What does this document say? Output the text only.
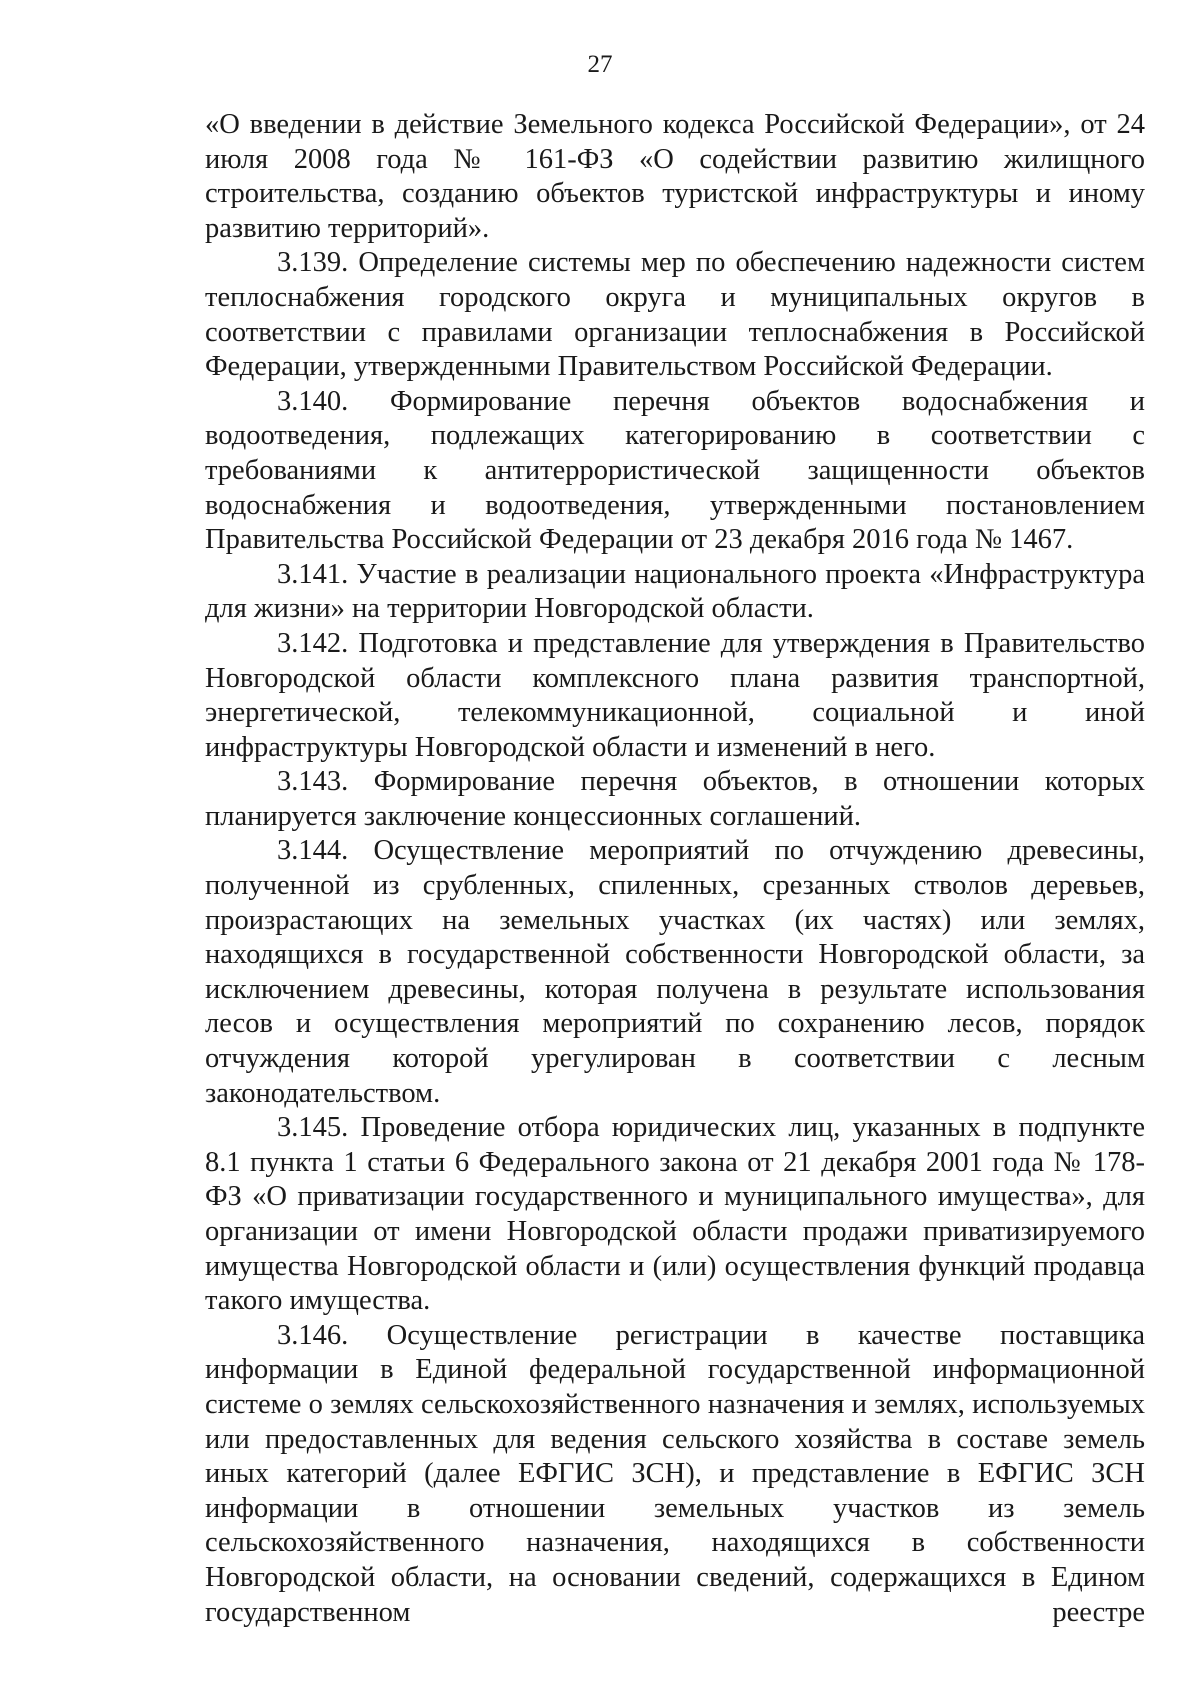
27

«О введении в действие Земельного кодекса Российской Федерации», от 24 июля 2008 года № 161-ФЗ «О содействии развитию жилищного строительства, созданию объектов туристской инфраструктуры и иному развитию территорий».

3.139. Определение системы мер по обеспечению надежности систем теплоснабжения городского округа и муниципальных округов в соответствии с правилами организации теплоснабжения в Российской Федерации, утвержденными Правительством Российской Федерации.

3.140. Формирование перечня объектов водоснабжения и водоотведения, подлежащих категорированию в соответствии с требованиями к антитеррористической защищенности объектов водоснабжения и водоотведения, утвержденными постановлением Правительства Российской Федерации от 23 декабря 2016 года № 1467.

3.141. Участие в реализации национального проекта «Инфраструктура для жизни» на территории Новгородской области.

3.142. Подготовка и представление для утверждения в Правительство Новгородской области комплексного плана развития транспортной, энергетической, телекоммуникационной, социальной и иной инфраструктуры Новгородской области и изменений в него.

3.143. Формирование перечня объектов, в отношении которых планируется заключение концессионных соглашений.

3.144. Осуществление мероприятий по отчуждению древесины, полученной из срубленных, спиленных, срезанных стволов деревьев, произрастающих на земельных участках (их частях) или землях, находящихся в государственной собственности Новгородской области, за исключением древесины, которая получена в результате использования лесов и осуществления мероприятий по сохранению лесов, порядок отчуждения которой урегулирован в соответствии с лесным законодательством.

3.145. Проведение отбора юридических лиц, указанных в подпункте 8.1 пункта 1 статьи 6 Федерального закона от 21 декабря 2001 года № 178-ФЗ «О приватизации государственного и муниципального имущества», для организации от имени Новгородской области продажи приватизируемого имущества Новгородской области и (или) осуществления функций продавца такого имущества.

3.146. Осуществление регистрации в качестве поставщика информации в Единой федеральной государственной информационной системе о землях сельскохозяйственного назначения и землях, используемых или предоставленных для ведения сельского хозяйства в составе земель иных категорий (далее ЕФГИС ЗСН), и представление в ЕФГИС ЗСН информации в отношении земельных участков из земель сельскохозяйственного назначения, находящихся в собственности Новгородской области, на основании сведений, содержащихся в Едином государственном реестре
